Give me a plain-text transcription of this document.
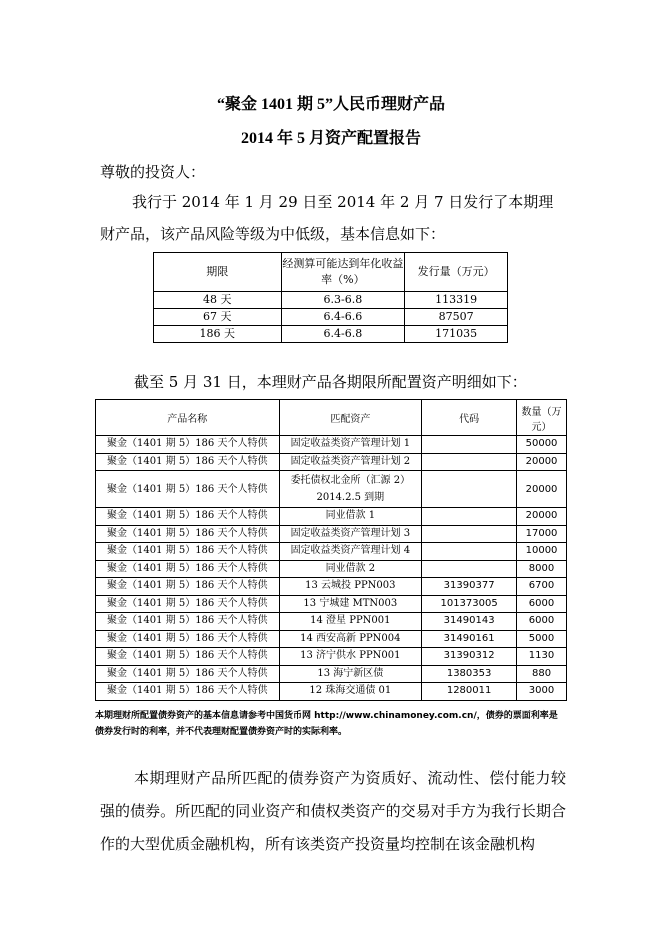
“聚金 1401 期 5”人民币理财产品
2014 年 5 月资产配置报告
尊敬的投资人：
我行于 2014 年 1 月 29 日至 2014 年 2 月 7 日发行了本期理财产品，该产品风险等级为中低级，基本信息如下：
期限	经测算可能达到年化收益率（%）	发行量（万元）
48 天	6.3-6.8	113319
67 天	6.4-6.6	87507
186 天	6.4-6.8	171035
截至 5 月 31 日，本理财产品各期限所配置资产明细如下：
产品名称	匹配资产	代码	数量（万元）
聚金（1401 期 5）186 天个人特供	固定收益类资产管理计划 1		50000
聚金（1401 期 5）186 天个人特供	固定收益类资产管理计划 2		20000
聚金（1401 期 5）186 天个人特供	委托债权北金所（汇源 2）2014.2.5 到期		20000
聚金（1401 期 5）186 天个人特供	同业借款 1		20000
聚金（1401 期 5）186 天个人特供	固定收益类资产管理计划 3		17000
聚金（1401 期 5）186 天个人特供	固定收益类资产管理计划 4		10000
聚金（1401 期 5）186 天个人特供	同业借款 2		8000
聚金（1401 期 5）186 天个人特供	13 云城投 PPN003	31390377	6700
聚金（1401 期 5）186 天个人特供	13 宁城建 MTN003	101373005	6000
聚金（1401 期 5）186 天个人特供	14 澄星 PPN001	31490143	6000
聚金（1401 期 5）186 天个人特供	14 西安高新 PPN004	31490161	5000
聚金（1401 期 5）186 天个人特供	13 济宁供水 PPN001	31390312	1130
聚金（1401 期 5）186 天个人特供	13 海宁新区债	1380353	880
聚金（1401 期 5）186 天个人特供	12 珠海交通债 01	1280011	3000
本期理财所配置债券资产的基本信息请参考中国货币网 http://www.chinamoney.com.cn/，债券的票面利率是债券发行时的利率，并不代表理财配置债券资产时的实际利率。
本期理财产品所匹配的债券资产为资质好、流动性、偿付能力较强的债券。所匹配的同业资产和债权类资产的交易对手方为我行长期合作的大型优质金融机构，所有该类资产投资量均控制在该金融机构
